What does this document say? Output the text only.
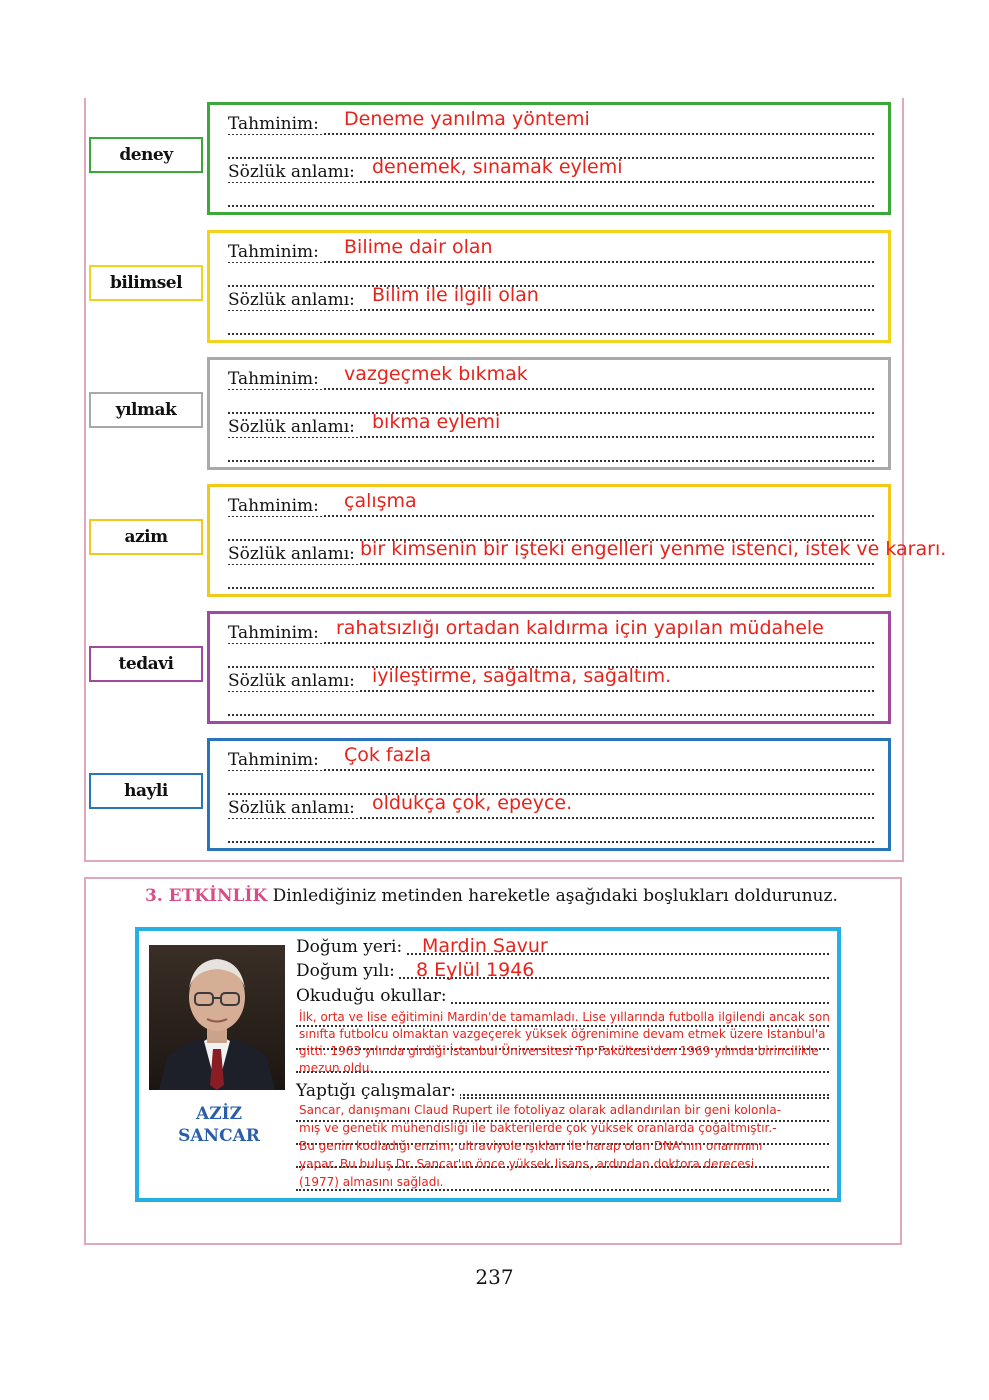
deney
Tahminim:
Sözlük anlamı:
Deneme yanılma yöntemi
denemek, sınamak eylemi
bilimsel
Tahminim:
Sözlük anlamı:
Bilime dair olan
Bilim ile ilgili olan
yılmak
Tahminim:
Sözlük anlamı:
vazgeçmek bıkmak
bıkma eylemi
azim
Tahminim:
Sözlük anlamı:
çalışma
bir kimsenin bir işteki engelleri yenme istenci, istek ve kararı.
tedavi
Tahminim:
Sözlük anlamı:
rahatsızlığı ortadan kaldırma için yapılan müdahele
iyileştirme, sağaltma, sağaltım.
hayli
Tahminim:
Sözlük anlamı:
Çok fazla
oldukça çok, epeyce.
3. ETKİNLİK Dinlediğiniz metinden hareketle aşağıdaki boşlukları doldurunuz.
AZİZ
SANCAR
Doğum yeri: Mardin Savur
Doğum yılı: 8 Eylül 1946
Okuduğu okullar:
İlk, orta ve lise eğitimini Mardin'de tamamladı. Lise yıllarında futbolla ilgilendi ancak son
sınıfta futbolcu olmaktan vazgeçerek yüksek öğrenimine devam etmek üzere İstanbul'a
gitti. 1963 yılında girdiği İstanbul Üniversitesi Tıp Fakültesi'den 1969 yılında birincilikle
mezun oldu.
Yaptığı çalışmalar:
Sancar, danışmanı Claud Rupert ile fotoliyaz olarak adlandırılan bir geni kolonla-
mış ve genetik mühendisliği ile bakterilerde çok yüksek oranlarda çoğaltmıştır.-
Bu genin kodladığı enzim, ultraviyole ışıkları ile harap olan DNA'nın onarımını
yapar. Bu buluş Dr. Sancar'ın önce yüksek lisans, ardından doktora derecesi
(1977) almasını sağladı.
237
